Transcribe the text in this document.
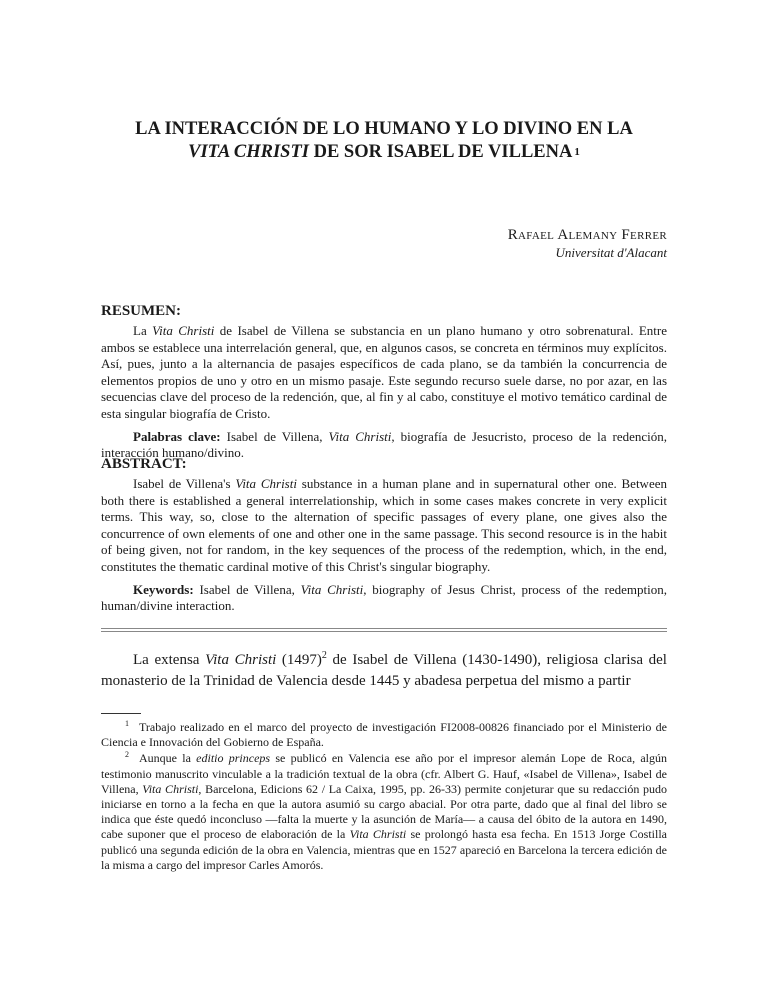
LA INTERACCIÓN DE LO HUMANO Y LO DIVINO EN LA
VITA CHRISTI DE SOR ISABEL DE VILLENA $^1$
Rafael Alemany Ferrer
Universitat d'Alacant
RESUMEN:

La Vita Christi de Isabel de Villena se substancia en un plano humano y otro sobrenatural. Entre ambos se establece una interrelación general, que, en algunos casos, se concreta en términos muy explícitos. Así, pues, junto a la alternancia de pasajes específicos de cada plano, se da también la concurrencia de elementos propios de uno y otro en un mismo pasaje. Este segundo recurso suele darse, no por azar, en las secuencias clave del proceso de la redención, que, al fin y al cabo, constituye el motivo temático cardinal de esta singular biografía de Cristo.

Palabras clave: Isabel de Villena, Vita Christi, biografía de Jesucristo, proceso de la redención, interacción humano/divino.

ABSTRACT:

Isabel de Villena's Vita Christi substance in a human plane and in supernatural other one. Between both there is established a general interrelationship, which in some cases makes concrete in very explicit terms. This way, so, close to the alternation of specific passages of every plane, one gives also the concurrence of own elements of one and other one in the same passage. This second resource is in the habit of being given, not for random, in the key sequences of the process of the redemption, which, in the end, constitutes the thematic cardinal motive of this Christ's singular biography.

Keywords: Isabel de Villena, Vita Christi, biography of Jesus Christ, process of the redemption, human/divine interaction.

La extensa Vita Christi $(1497)^2$ de Isabel de Villena (1430-1490), religiosa clarisa del monasterio de la Trinidad de Valencia desde 1445 y abadesa perpetua del mismo a partir

$^1$ Trabajo realizado en el marco del proyecto de investigación FI2008-00826 financiado por el Ministerio de Ciencia e Innovación del Gobierno de España.

$^2$ Aunque la editio princeps se publicó en Valencia ese año por el impresor alemán Lope de Roca, algún testimonio manuscrito vinculable a la tradición textual de la obra (cfr. Albert G. Hauf, «Isabel de Villena», Isabel de Villena, Vita Christi, Barcelona, Edicions 62 / La Caixa, 1995, pp. 26-33) permite conjeturar que su redacción pudo iniciarse en torno a la fecha en que la autora asumió su cargo abacial. Por otra parte, dado que al final del libro se indica que éste quedó inconcluso —falta la muerte y la asunción de María— a causa del óbito de la autora en 1490, cabe suponer que el proceso de elaboración de la Vita Christi se prolongó hasta esa fecha. En 1513 Jorge Costilla publicó una segunda edición de la obra en Valencia, mientras que en 1527 apareció en Barcelona la tercera edición de la misma a cargo del impresor Carles Amorós.
